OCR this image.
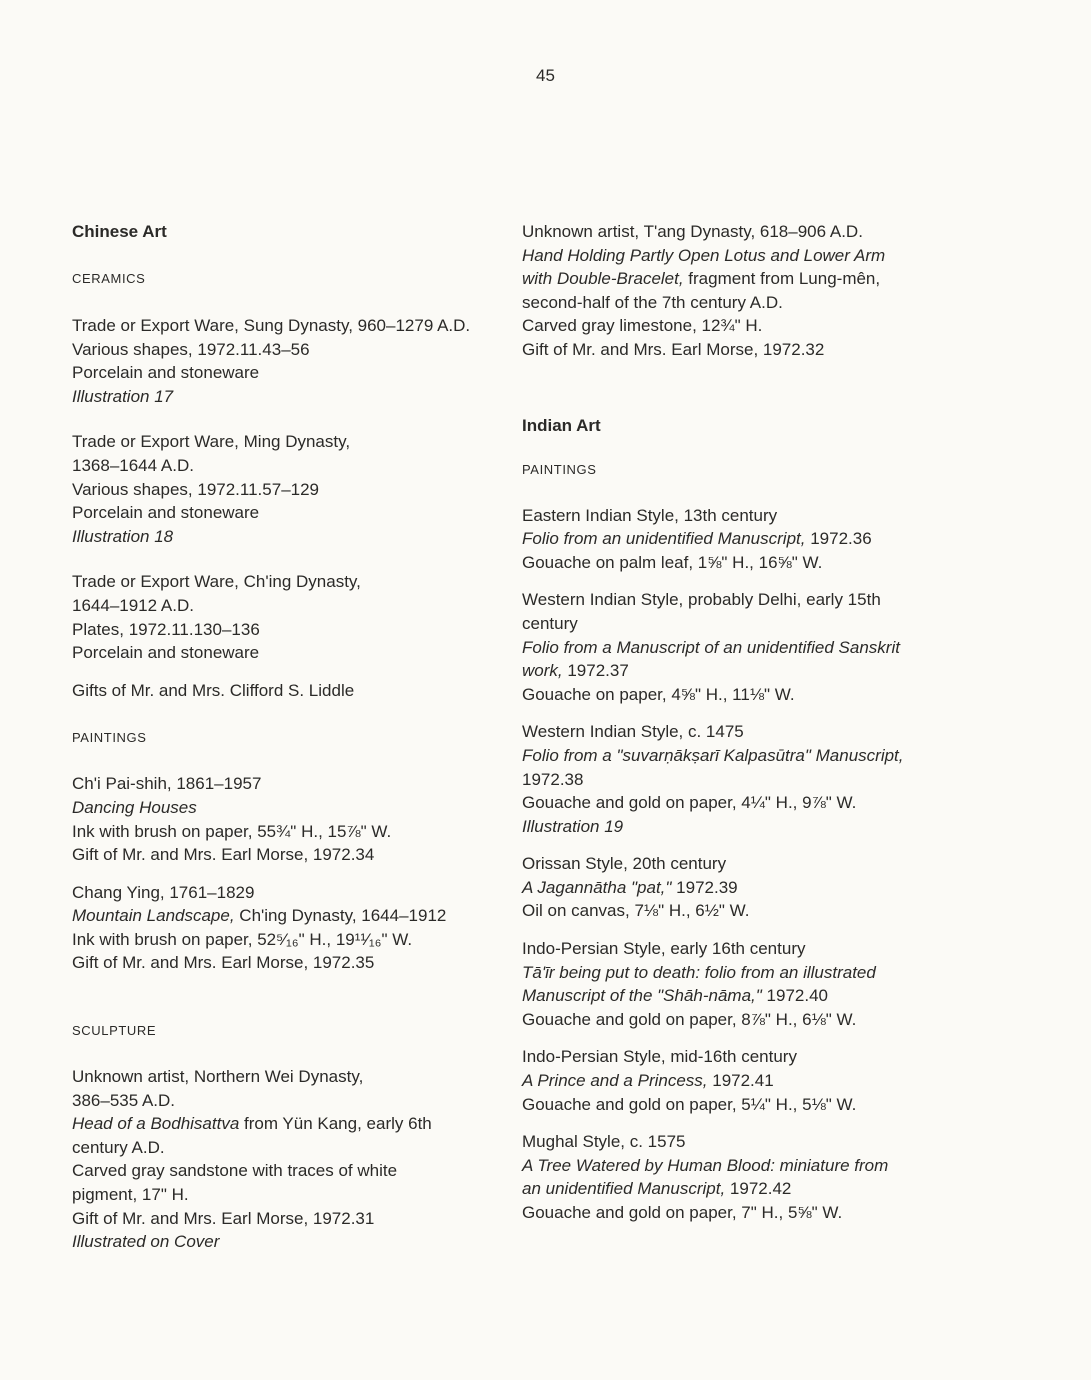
45
Chinese Art
CERAMICS

Trade or Export Ware, Sung Dynasty, 960–1279 A.D.

Various shapes, 1972.11.43–56

Porcelain and stoneware

Illustration 17

Trade or Export Ware, Ming Dynasty,

1368–1644 A.D.

Various shapes, 1972.11.57–129

Porcelain and stoneware

Illustration 18

Trade or Export Ware, Ch'ing Dynasty,

1644–1912 A.D.

Plates, 1972.11.130–136

Porcelain and stoneware

Gifts of Mr. and Mrs. Clifford S. Liddle

PAINTINGS

Ch'i Pai-shih, 1861–1957

Dancing Houses

Ink with brush on paper, 55¾" H., 15⅞" W.

Gift of Mr. and Mrs. Earl Morse, 1972.34

Chang Ying, 1761–1829

Mountain Landscape, Ch'ing Dynasty, 1644–1912

Ink with brush on paper, 52⁵⁄₁₆" H., 19¹¹⁄₁₆" W.

Gift of Mr. and Mrs. Earl Morse, 1972.35

SCULPTURE

Unknown artist, Northern Wei Dynasty,

386–535 A.D.

Head of a Bodhisattva from Yün Kang, early 6th

century A.D.

Carved gray sandstone with traces of white

pigment, 17" H.

Gift of Mr. and Mrs. Earl Morse, 1972.31

Illustrated on Cover

Unknown artist, T'ang Dynasty, 618–906 A.D.

Hand Holding Partly Open Lotus and Lower Arm

with Double-Bracelet, fragment from Lung-mên,

second-half of the 7th century A.D.

Carved gray limestone, 12¾" H.

Gift of Mr. and Mrs. Earl Morse, 1972.32

Indian Art
PAINTINGS

Eastern Indian Style, 13th century

Folio from an unidentified Manuscript, 1972.36

Gouache on palm leaf, 1⅝" H., 16⅝" W.

Western Indian Style, probably Delhi, early 15th

century

Folio from a Manuscript of an unidentified Sanskrit

work, 1972.37

Gouache on paper, 4⅝" H., 11⅛" W.

Western Indian Style, c. 1475

Folio from a "suvarṇākṣarī Kalpasūtra" Manuscript,

1972.38

Gouache and gold on paper, 4¼" H., 9⅞" W.

Illustration 19

Orissan Style, 20th century

A Jagannātha "pat," 1972.39

Oil on canvas, 7⅛" H., 6½" W.

Indo-Persian Style, early 16th century

Tā'īr being put to death: folio from an illustrated

Manuscript of the "Shāh-nāma," 1972.40

Gouache and gold on paper, 8⅞" H., 6⅛" W.

Indo-Persian Style, mid-16th century

A Prince and a Princess, 1972.41

Gouache and gold on paper, 5¼" H., 5⅛" W.

Mughal Style, c. 1575

A Tree Watered by Human Blood: miniature from

an unidentified Manuscript, 1972.42

Gouache and gold on paper, 7" H., 5⅝" W.
